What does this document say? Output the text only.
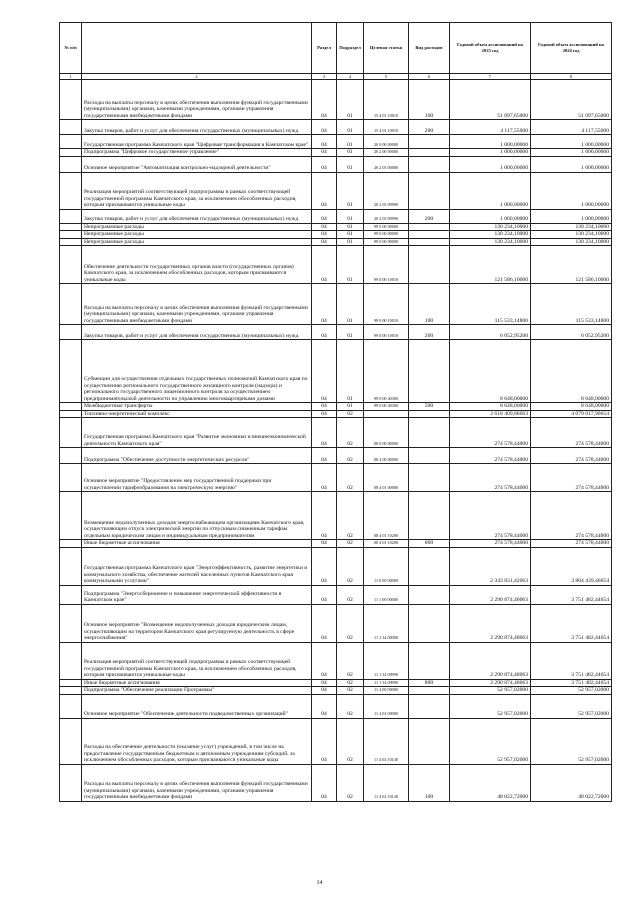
№ п/п		Раздел	Подраздел	Целевая статья	Вид расходов	Годовой объем ассигнований на 2023 год	Годовой объем ассигнований на 2024 год
1	2	3	4	5	6	7	8
	Расходы на выплаты персоналу в целях обеспечения выполнения функций государственными (муниципальными) органами, казенными учреждениями, органами управления государственными внебюджетными фондами	04	01	15 4 01 10010	100	51 097,65000	51 097,65000
	Закупка товаров, работ и услуг для обеспечения государственных (муниципальных) нужд	04	01	15 4 01 10010	200	4 117,55000	4 117,55000
	Государственная программа Камчатского края "Цифровая трансформация в Камчатском крае"	04	01	20 0 00 00000		1 000,00000	1 000,00000
	Подпрограмма "Цифровое государственное управление"	04	01	20 2 00 00000		1 000,00000	1 000,00000
	Основное мероприятие "Автоматизация контрольно-надзорной деятельности"	04	01	20 2 03 00000		1 000,00000	1 000,00000
	Реализация мероприятий соответствующей подпрограммы в рамках соответствующей государственной программы Камчатского края, за исключением обособленных расходов, которым присваиваются уникальные коды	04	01	20 2 03 09990		1 000,00000	1 000,00000
	Закупка товаров, работ и услуг для обеспечения государственных (муниципальных) нужд	04	01	20 2 03 09990	200	1 000,00000	1 000,00000
	Непрограммные расходы	04	01	99 0 00 00000		130 234,10000	130 234,10000
	Непрограммные расходы	04	01	99 0 00 00000		130 234,10000	130 234,10000
	Непрограммные расходы	04	01	99 0 00 00000		130 234,10000	130 234,10000
	Обеспечение деятельности государственных органов власти (государственных органов) Камчатского края, за исключением обособленных расходов, которым присваиваются уникальные коды	04	01	99 0 00 10010		121 586,10000	121 586,10000
	Расходы на выплаты персоналу в целях обеспечения выполнения функций государственными (муниципальными) органами, казенными учреждениями, органами управления государственными внебюджетными фондами	04	01	99 0 00 10010	100	115 533,14800	115 533,14800
	Закупка товаров, работ и услуг для обеспечения государственных (муниципальных) нужд	04	01	99 0 00 10010	200	6 052,95200	6 052,95200
	Субвенции для осуществления отдельных государственных полномочий Камчатского края по осуществлению регионального государственного жилищного контроля (надзора) и регионального государственного лицензионного контроля за осуществлением предпринимательской деятельности по управлению многоквартирными домами	04	01	99 0 00 40300		8 648,00000	8 648,00000
	Межбюджетные трансферты	04	01	99 0 00 40300	500	8 648,00000	8 648,00000
	Топливно-энергетический комплекс	04	02			2 618 409,86063	4 079 017,90654
	Государственная программа Камчатского края "Развитие экономики и внешнеэкономической деятельности Камчатского края"	04	02	08 0 00 00000		274 578,44000	274 578,44000
	Подпрограмма "Обеспечение доступности энергетических ресурсов"	04	02	08 4 00 00000		274 578,44000	274 578,44000
	Основное мероприятие "Предоставление мер государственной поддержки при осуществлении тарифообразования на электрическую энергию"	04	02	08 4 01 00000		274 578,44000	274 578,44000
	Возмещение недополученных доходов энергоснабжающим организациям Камчатского края, осуществляющим отпуск электрической энергии по отпускным сниженным тарифам отдельным юридическим лицам и индивидуальным предпринимателям	04	02	08 4 01 10200		274 578,44000	274 578,44000
	Иные бюджетные ассигнования	04	02	08 4 01 10200	800	274 578,44000	274 578,44000
	Государственная программа Камчатского края "Энергоэффективность, развитие энергетики и коммунального хозяйства, обеспечение жителей населенных пунктов Камчатского края коммунальными услугами"	04	02	11 0 00 00000		2 343 831,42063	3 804 439,46654
	Подпрограмма "Энергосбережение и повышение энергетической эффективности в Камчатском крае"	04	02	11 1 00 00000		2 290 874,40063	3 751 482,44654
	Основное мероприятие "Возмещение недополученных доходов юридическим лицам, осуществляющим на территории Камчатского края регулируемую деятельность в сфере энергоснабжения"	04	02	11 1 34 00000		2 290 874,40063	3 751 482,44654
	Реализация мероприятий соответствующей подпрограммы в рамках соответствующей государственной программы Камчатского края, за исключением обособленных расходов, которым присваиваются уникальные коды	04	02	11 1 34 09990		2 290 874,40063	3 751 482,44654
	Иные бюджетные ассигнования	04	02	11 1 34 09990	800	2 290 874,40063	3 751 482,44654
	Подпрограмма "Обеспечение реализации Программы"	04	02	11 4 00 00000		52 957,02000	52 957,02000
	Основное мероприятие "Обеспечение деятельности подведомственных организаций"	04	02	11 4 02 00000		52 957,02000	52 957,02000
	Расходы на обеспечение деятельности (оказание услуг) учреждений, в том числе на предоставление государственным бюджетным и автономным учреждениям субсидий, за исключением обособленных расходов, которым присваиваются уникальные коды	04	02	11 4 02 10140		52 957,02000	52 957,02000
	Расходы на выплаты персоналу в целях обеспечения выполнения функций государственными (муниципальными) органами, казенными учреждениями, органами управления государственными внебюджетными фондами	04	02	11 4 02 10140	100	48 022,72000	48 022,72000
14
